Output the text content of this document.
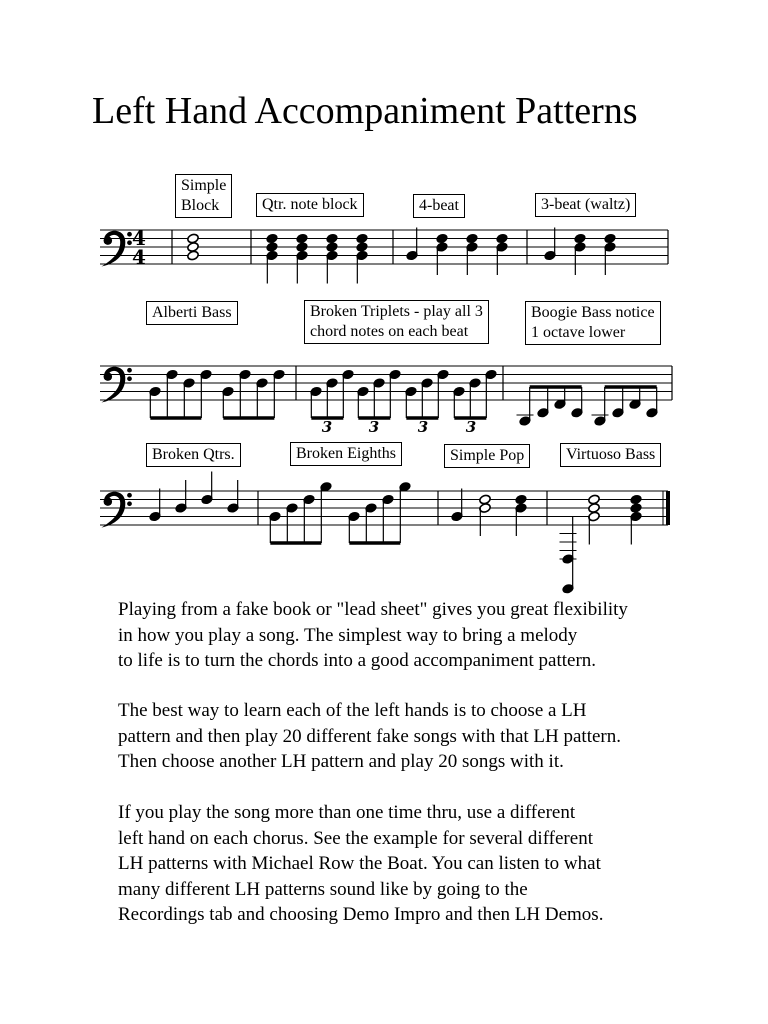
Left Hand Accompaniment Patterns
Simple
Block	Qtr. note block	4-beat	3-beat (waltz)
Alberti Bass	Broken Triplets - play all 3
chord notes on each beat
Boogie Bass notice
1 octave lower
Broken Qtrs.	Broken Eighths	Simple Pop	Virtuoso Bass
4
4
3 3	3	3

Playing from a fake book or "lead sheet" gives you great flexibility

in how you play a song. The simplest way to bring a melody

to life is to turn the chords into a good accompaniment pattern.

The best way to learn each of the left hands is to choose a LH

pattern and then play 20 different fake songs with that LH pattern.

Then choose another LH pattern and play 20 songs with it.

If you play the song more than one time thru, use a different

left hand on each chorus. See the example for several different

LH patterns with Michael Row the Boat. You can listen to what

many different LH patterns sound like by going to the

Recordings tab and choosing Demo Impro and then LH Demos.
